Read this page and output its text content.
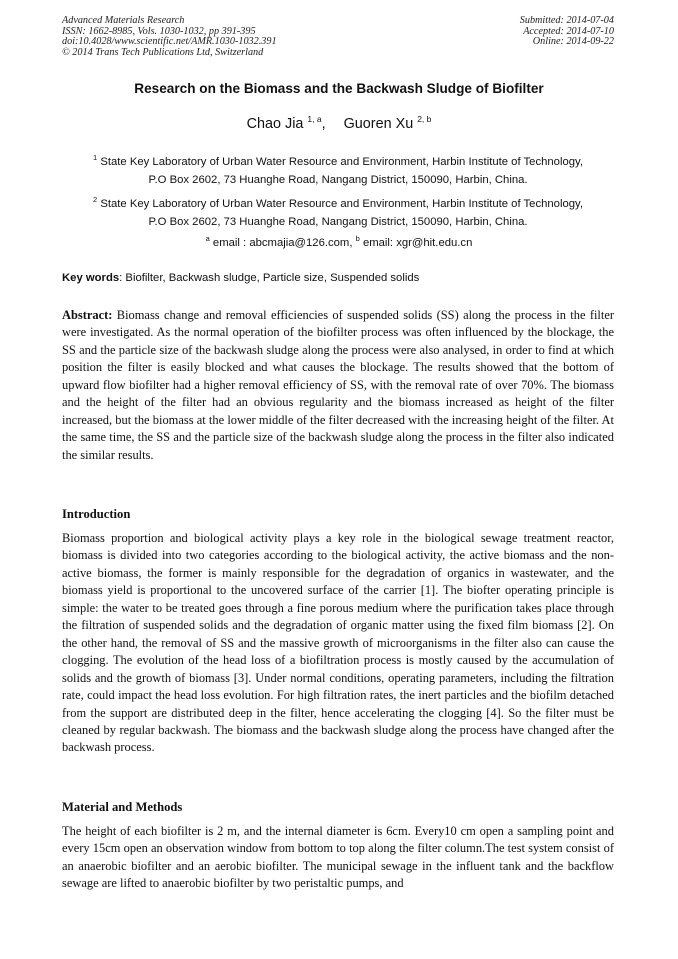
Advanced Materials Research
ISSN: 1662-8985, Vols. 1030-1032, pp 391-395
doi:10.4028/www.scientific.net/AMR.1030-1032.391
© 2014 Trans Tech Publications Ltd, Switzerland
Submitted: 2014-07-04
Accepted: 2014-07-10
Online: 2014-09-22
Research on the Biomass and the Backwash Sludge of Biofilter
Chao Jia $^{1, a}$, Guoren Xu $^{2, b}$
$^1$ State Key Laboratory of Urban Water Resource and Environment, Harbin Institute of Technology,
P.O Box 2602, 73 Huanghe Road, Nangang District, 150090, Harbin, China.
$^2$ State Key Laboratory of Urban Water Resource and Environment, Harbin Institute of Technology,
P.O Box 2602, 73 Huanghe Road, Nangang District, 150090, Harbin, China.
$^a$ email : abcmajia@126.com, $^b$ email: xgr@hit.edu.cn
Key words: Biofilter, Backwash sludge, Particle size, Suspended solids
Abstract: Biomass change and removal efficiencies of suspended solids (SS) along the process in the filter were investigated. As the normal operation of the biofilter process was often influenced by the blockage, the SS and the particle size of the backwash sludge along the process were also analysed, in order to find at which position the filter is easily blocked and what causes the blockage. The results showed that the bottom of upward flow biofilter had a higher removal efficiency of SS, with the removal rate of over 70%. The biomass and the height of the filter had an obvious regularity and the biomass increased as height of the filter increased, but the biomass at the lower middle of the filter decreased with the increasing height of the filter. At the same time, the SS and the particle size of the backwash sludge along the process in the filter also indicated the similar results.
Introduction
Biomass proportion and biological activity plays a key role in the biological sewage treatment reactor, biomass is divided into two categories according to the biological activity, the active biomass and the non-active biomass, the former is mainly responsible for the degradation of organics in wastewater, and the biomass yield is proportional to the uncovered surface of the carrier [1]. The biofter operating principle is simple: the water to be treated goes through a fine porous medium where the purification takes place through the filtration of suspended solids and the degradation of organic matter using the fixed film biomass [2]. On the other hand, the removal of SS and the massive growth of microorganisms in the filter also can cause the clogging. The evolution of the head loss of a biofiltration process is mostly caused by the accumulation of solids and the growth of biomass [3]. Under normal conditions, operating parameters, including the filtration rate, could impact the head loss evolution. For high filtration rates, the inert particles and the biofilm detached from the support are distributed deep in the filter, hence accelerating the clogging [4]. So the filter must be cleaned by regular backwash. The biomass and the backwash sludge along the process have changed after the backwash process.
Material and Methods
The height of each biofilter is 2 m, and the internal diameter is 6cm. Every10 cm open a sampling point and every 15cm open an observation window from bottom to top along the filter column.The test system consist of an anaerobic biofilter and an aerobic biofilter. The municipal sewage in the influent tank and the backflow sewage are lifted to anaerobic biofilter by two peristaltic pumps, and
